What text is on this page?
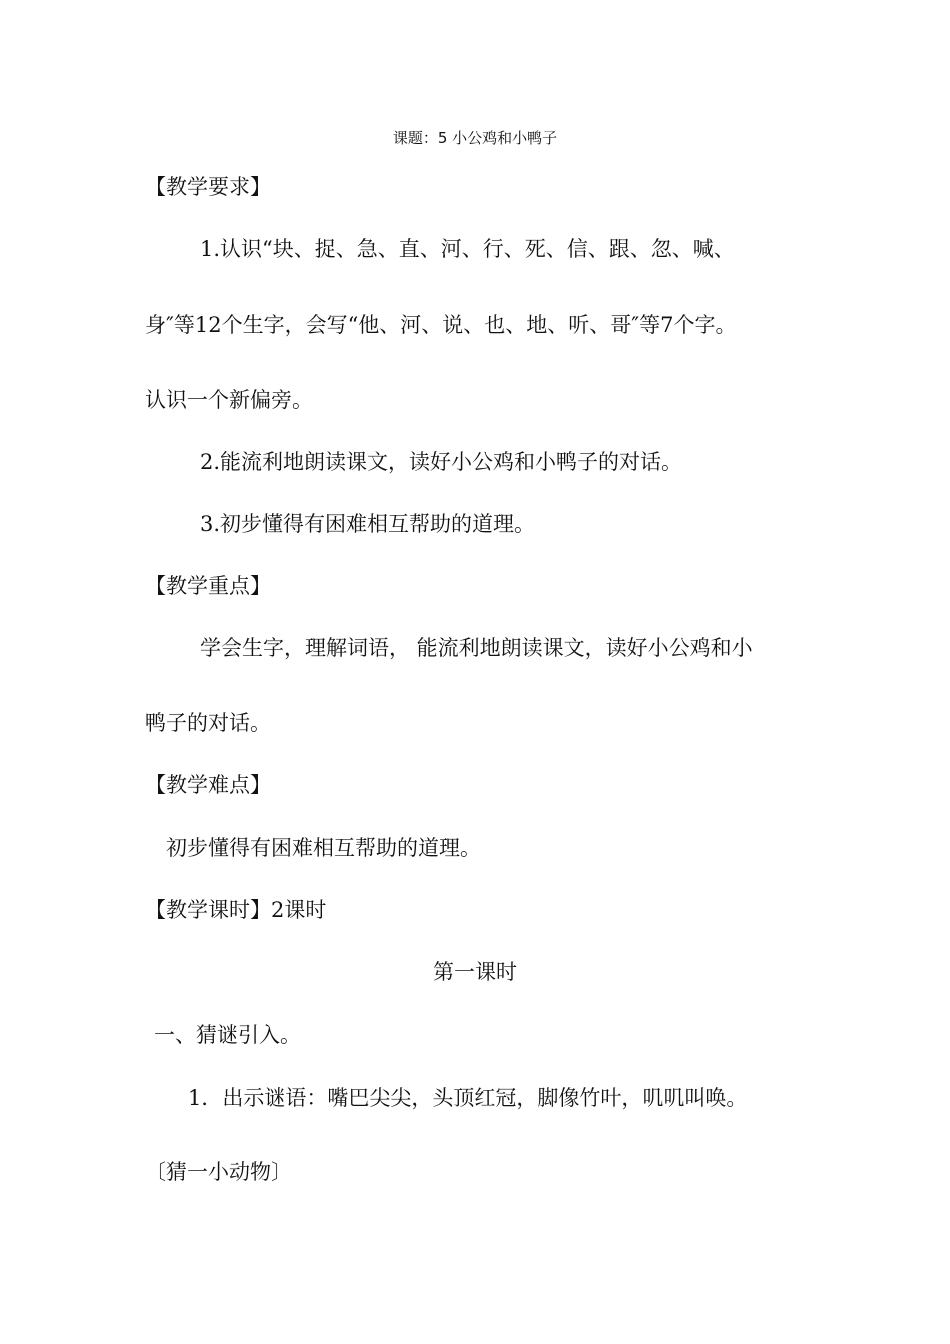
课题：5 小公鸡和小鸭子
【教学要求】
1.认识“块、捉、急、直、河、行、死、信、跟、忽、喊、
身″等12个生字，会写“他、河、说、也、地、听、哥″等7个字。
认识一个新偏旁。
2.能流利地朗读课文，读好小公鸡和小鸭子的对话。
3.初步懂得有困难相互帮助的道理。
【教学重点】
学会生字，理解词语， 能流利地朗读课文，读好小公鸡和小
鸭子的对话。
【教学难点】
初步懂得有困难相互帮助的道理。
【教学课时】2课时
第一课时
一、猜谜引入。
1．出示谜语：嘴巴尖尖，头顶红冠，脚像竹叶，叽叽叫唤。
〔猜一小动物〕
